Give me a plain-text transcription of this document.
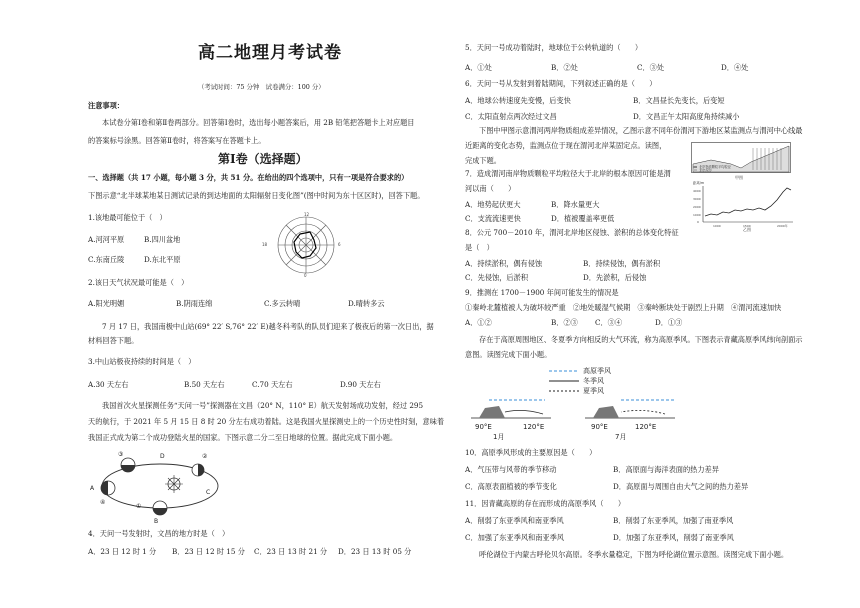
高二地理月考试卷
（考试时间：75 分钟　试卷满分：100 分）
注意事项：
本试卷分第Ⅰ卷和第Ⅱ卷两部分。回答第Ⅰ卷时，选出每小题答案后，用 2B 铅笔把答题卡上对应题目
的答案标号涂黑。回答第Ⅱ卷时，将答案写在答题卡上。
第Ⅰ卷（选择题）
一、选择题（共 17 小题，每小题 3 分，共 51 分。在给出的四个选项中，只有一项是符合要求的）
下图示意“北半球某地某日测试记录的到达地面的太阳辐射日变化图”(图中时间为东十区区时)，回答下题。
1.该地最可能位于（　）
A.河河平原	B.四川盆地
C.东南丘陵	D.东北平原
12
0
18	6
2.该日天气状况最可能是（　）
A.阳光明媚	B.阴雨连绵	C.多云转晴	D.晴转多云
7 月 17 日，我国南极中山站(69° 22′ S,76° 22′ E)越冬科考队的队员们迎来了极夜后的第一次日出，据
材料回答下题。
3.中山站极夜持续的时间是（　）
A.30 天左右	B.50 天左右	C.70 天左右	D.90 天左右
我国首次火星探测任务“天问一号”探测器在文昌（20° N，110° E）航天发射场成功发射，经过 295
天的航行，于 2021 年 5 月 15 日 8 时 20 分左右成功着陆。这是我国火星探测史上的一个历史性时刻，意味着
我国正式成为第二个成功登陆火星的国家。下图示意二分二至日地球的位置。据此完成下面小题。
A
B
C
D
①
②
③
④
4．天问一号发射时，文昌的地方时是（　）
A．23 日 12 时 1 分 B．23 日 12 时 15 分 C．23 日 13 时 21 分 D．23 日 13 时 05 分
5．天问一号成功着陆时，地球位于公转轨道的（　　）
A．①处	B．②处	C．③处	D．④处
6．天问一号从发射到着陆期间，下列叙述正确的是（　　）
A．地球公转速度先变慢，后变快	B．文昌昼长先变长，后变短
C．太阳直射点两次经过文昌	D．文昌正午太阳高度角持续减小
下图中甲图示意渭河两岸物质组成差异情况，乙图示意不同年份渭河下游地区某监测点与渭河中心线最
近距离的变化态势，监测点位于现在渭河北岸某固定点。读图，
完成下题。
北岸物质颗粒平均粒径
北岸泥沙
甲图
距离/m
4000
3000
2000
1000
0
1000	1500	2000年
乙图
7．造成渭河南岸物质颗粒平均粒径大于北岸的根本原因可能是渭
河以南（　　）
A．地势起伏更大	B．降水量更大
C．支流流速更快	D．植被覆盖率更低
8．公元 700－2010 年，渭河北岸地区侵蚀、淤积的总体变化特征
是（　）
A．持续淤积，偶有侵蚀	B．持续侵蚀，偶有淤积
C．先侵蚀，后淤积	D．先淤积，后侵蚀
9．推测在 1700－1900 年间可能发生的情况是
①秦岭北麓植被人为破坏较严重　②地处暖湿气候期　③秦岭断块处于剧烈上升期　④渭河流速加快
A．①②	B．②③ C．③④	D．①③
存在于高原周围地区、冬夏季方向相反的大气环流，称为高原季风。下图表示青藏高原季风纬向剖面示
意图。读图完成下面小题。
高原季风
冬季风
夏季风
90°E	120°E
1月
90°E	120°E
7月
10．高原季风形成的主要原因是（　　）
A．气压带与风带的季节移动	B．高原面与海洋表面的热力差异
C．高原表面植被的季节变化	D．高原面与周围自由大气之间的热力差异
11．因青藏高原的存在而形成的高原季风（　　）
A．削弱了东亚季风和南亚季风	B．削弱了东亚季风，加强了南亚季风
C．加强了东亚季风和南亚季风	D．加强了东亚季风，削弱了南亚季风
呼伦湖位于内蒙古呼伦贝尔高原。冬季水量稳定，下图为呼伦湖位置示意图。读图完成下面小题。
